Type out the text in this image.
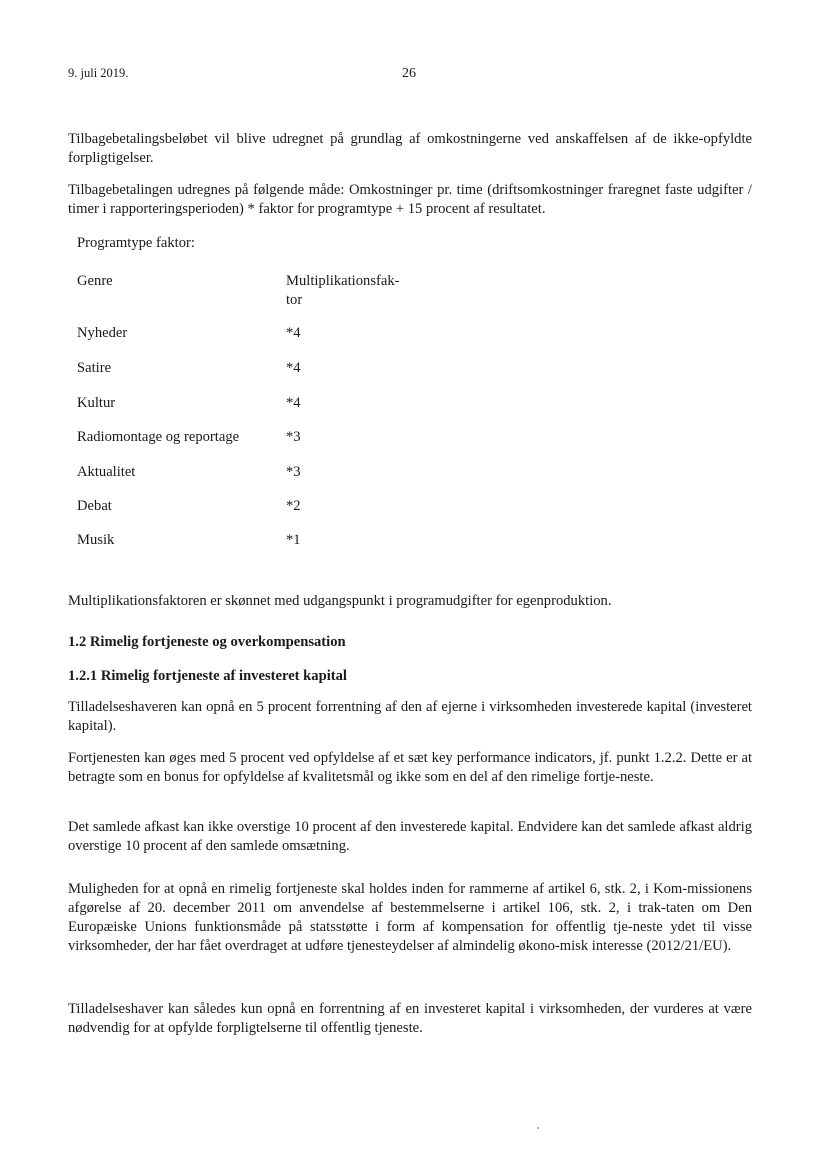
9. juli 2019.	26

Tilbagebetalingsbeløbet vil blive udregnet på grundlag af omkostningerne ved anskaffelsen af de ikke-opfyldte forpligtigelser.

Tilbagebetalingen udregnes på følgende måde: Omkostninger pr. time (driftsomkostninger fraregnet faste udgifter / timer i rapporteringsperioden) * faktor for programtype + 15 procent af resultatet.

Programtype faktor:
Genre	Multiplikationsfak-
tor
Nyheder	*4
Satire	*4
Kultur	*4
Radiomontage og reportage	*3
Aktualitet	*3
Debat	*2
Musik	*1

Multiplikationsfaktoren er skønnet med udgangspunkt i programudgifter for egenproduktion.

1.2 Rimelig fortjeneste og overkompensation
1.2.1 Rimelig fortjeneste af investeret kapital

Tilladelseshaveren kan opnå en 5 procent forrentning af den af ejerne i virksomheden investerede kapital (investeret kapital).

Fortjenesten kan øges med 5 procent ved opfyldelse af et sæt key performance indicators, jf. punkt 1.2.2. Dette er at betragte som en bonus for opfyldelse af kvalitetsmål og ikke som en del af den rimelige fortje-neste.

Det samlede afkast kan ikke overstige 10 procent af den investerede kapital. Endvidere kan det samlede afkast aldrig overstige 10 procent af den samlede omsætning.

Muligheden for at opnå en rimelig fortjeneste skal holdes inden for rammerne af artikel 6, stk. 2, i Kom-missionens afgørelse af 20. december 2011 om anvendelse af bestemmelserne i artikel 106, stk. 2, i trak-taten om Den Europæiske Unions funktionsmåde på statsstøtte i form af kompensation for offentlig tje-neste ydet til visse virksomheder, der har fået overdraget at udføre tjenesteydelser af almindelig økono-misk interesse (2012/21/EU).

Tilladelseshaver kan således kun opnå en forrentning af en investeret kapital i virksomheden, der vurderes at være nødvendig for at opfylde forpligtelserne til offentlig tjeneste.
